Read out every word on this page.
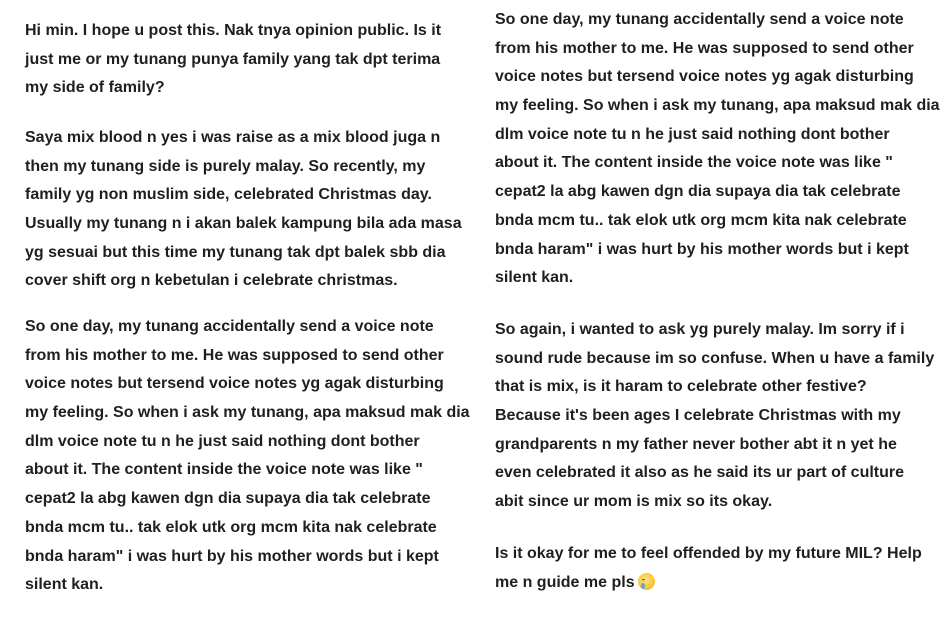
Hi min. I hope u post this. Nak tnya opinion public. Is it
just me or my tunang punya family yang tak dpt terima
my side of family?
Saya mix blood n yes i was raise as a mix blood juga n
then my tunang side is purely malay. So recently, my
family yg non muslim side, celebrated Christmas day.
Usually my tunang n i akan balek kampung bila ada masa
yg sesuai but this time my tunang tak dpt balek sbb dia
cover shift org n kebetulan i celebrate christmas.
So one day, my tunang accidentally send a voice note
from his mother to me. He was supposed to send other
voice notes but tersend voice notes yg agak disturbing
my feeling. So when i ask my tunang, apa maksud mak dia
dlm voice note tu n he just said nothing dont bother
about it. The content inside the voice note was like "
cepat2 la abg kawen dgn dia supaya dia tak celebrate
bnda mcm tu.. tak elok utk org mcm kita nak celebrate
bnda haram" i was hurt by his mother words but i kept
silent kan.
So one day, my tunang accidentally send a voice note
from his mother to me. He was supposed to send other
voice notes but tersend voice notes yg agak disturbing
my feeling. So when i ask my tunang, apa maksud mak dia
dlm voice note tu n he just said nothing dont bother
about it. The content inside the voice note was like "
cepat2 la abg kawen dgn dia supaya dia tak celebrate
bnda mcm tu.. tak elok utk org mcm kita nak celebrate
bnda haram" i was hurt by his mother words but i kept
silent kan.
So again, i wanted to ask yg purely malay. Im sorry if i
sound rude because im so confuse. When u have a family
that is mix, is it haram to celebrate other festive?
Because it's been ages I celebrate Christmas with my
grandparents n my father never bother abt it n yet he
even celebrated it also as he said its ur part of culture
abit since ur mom is mix so its okay.
Is it okay for me to feel offended by my future MIL? Help
me n guide me pls
